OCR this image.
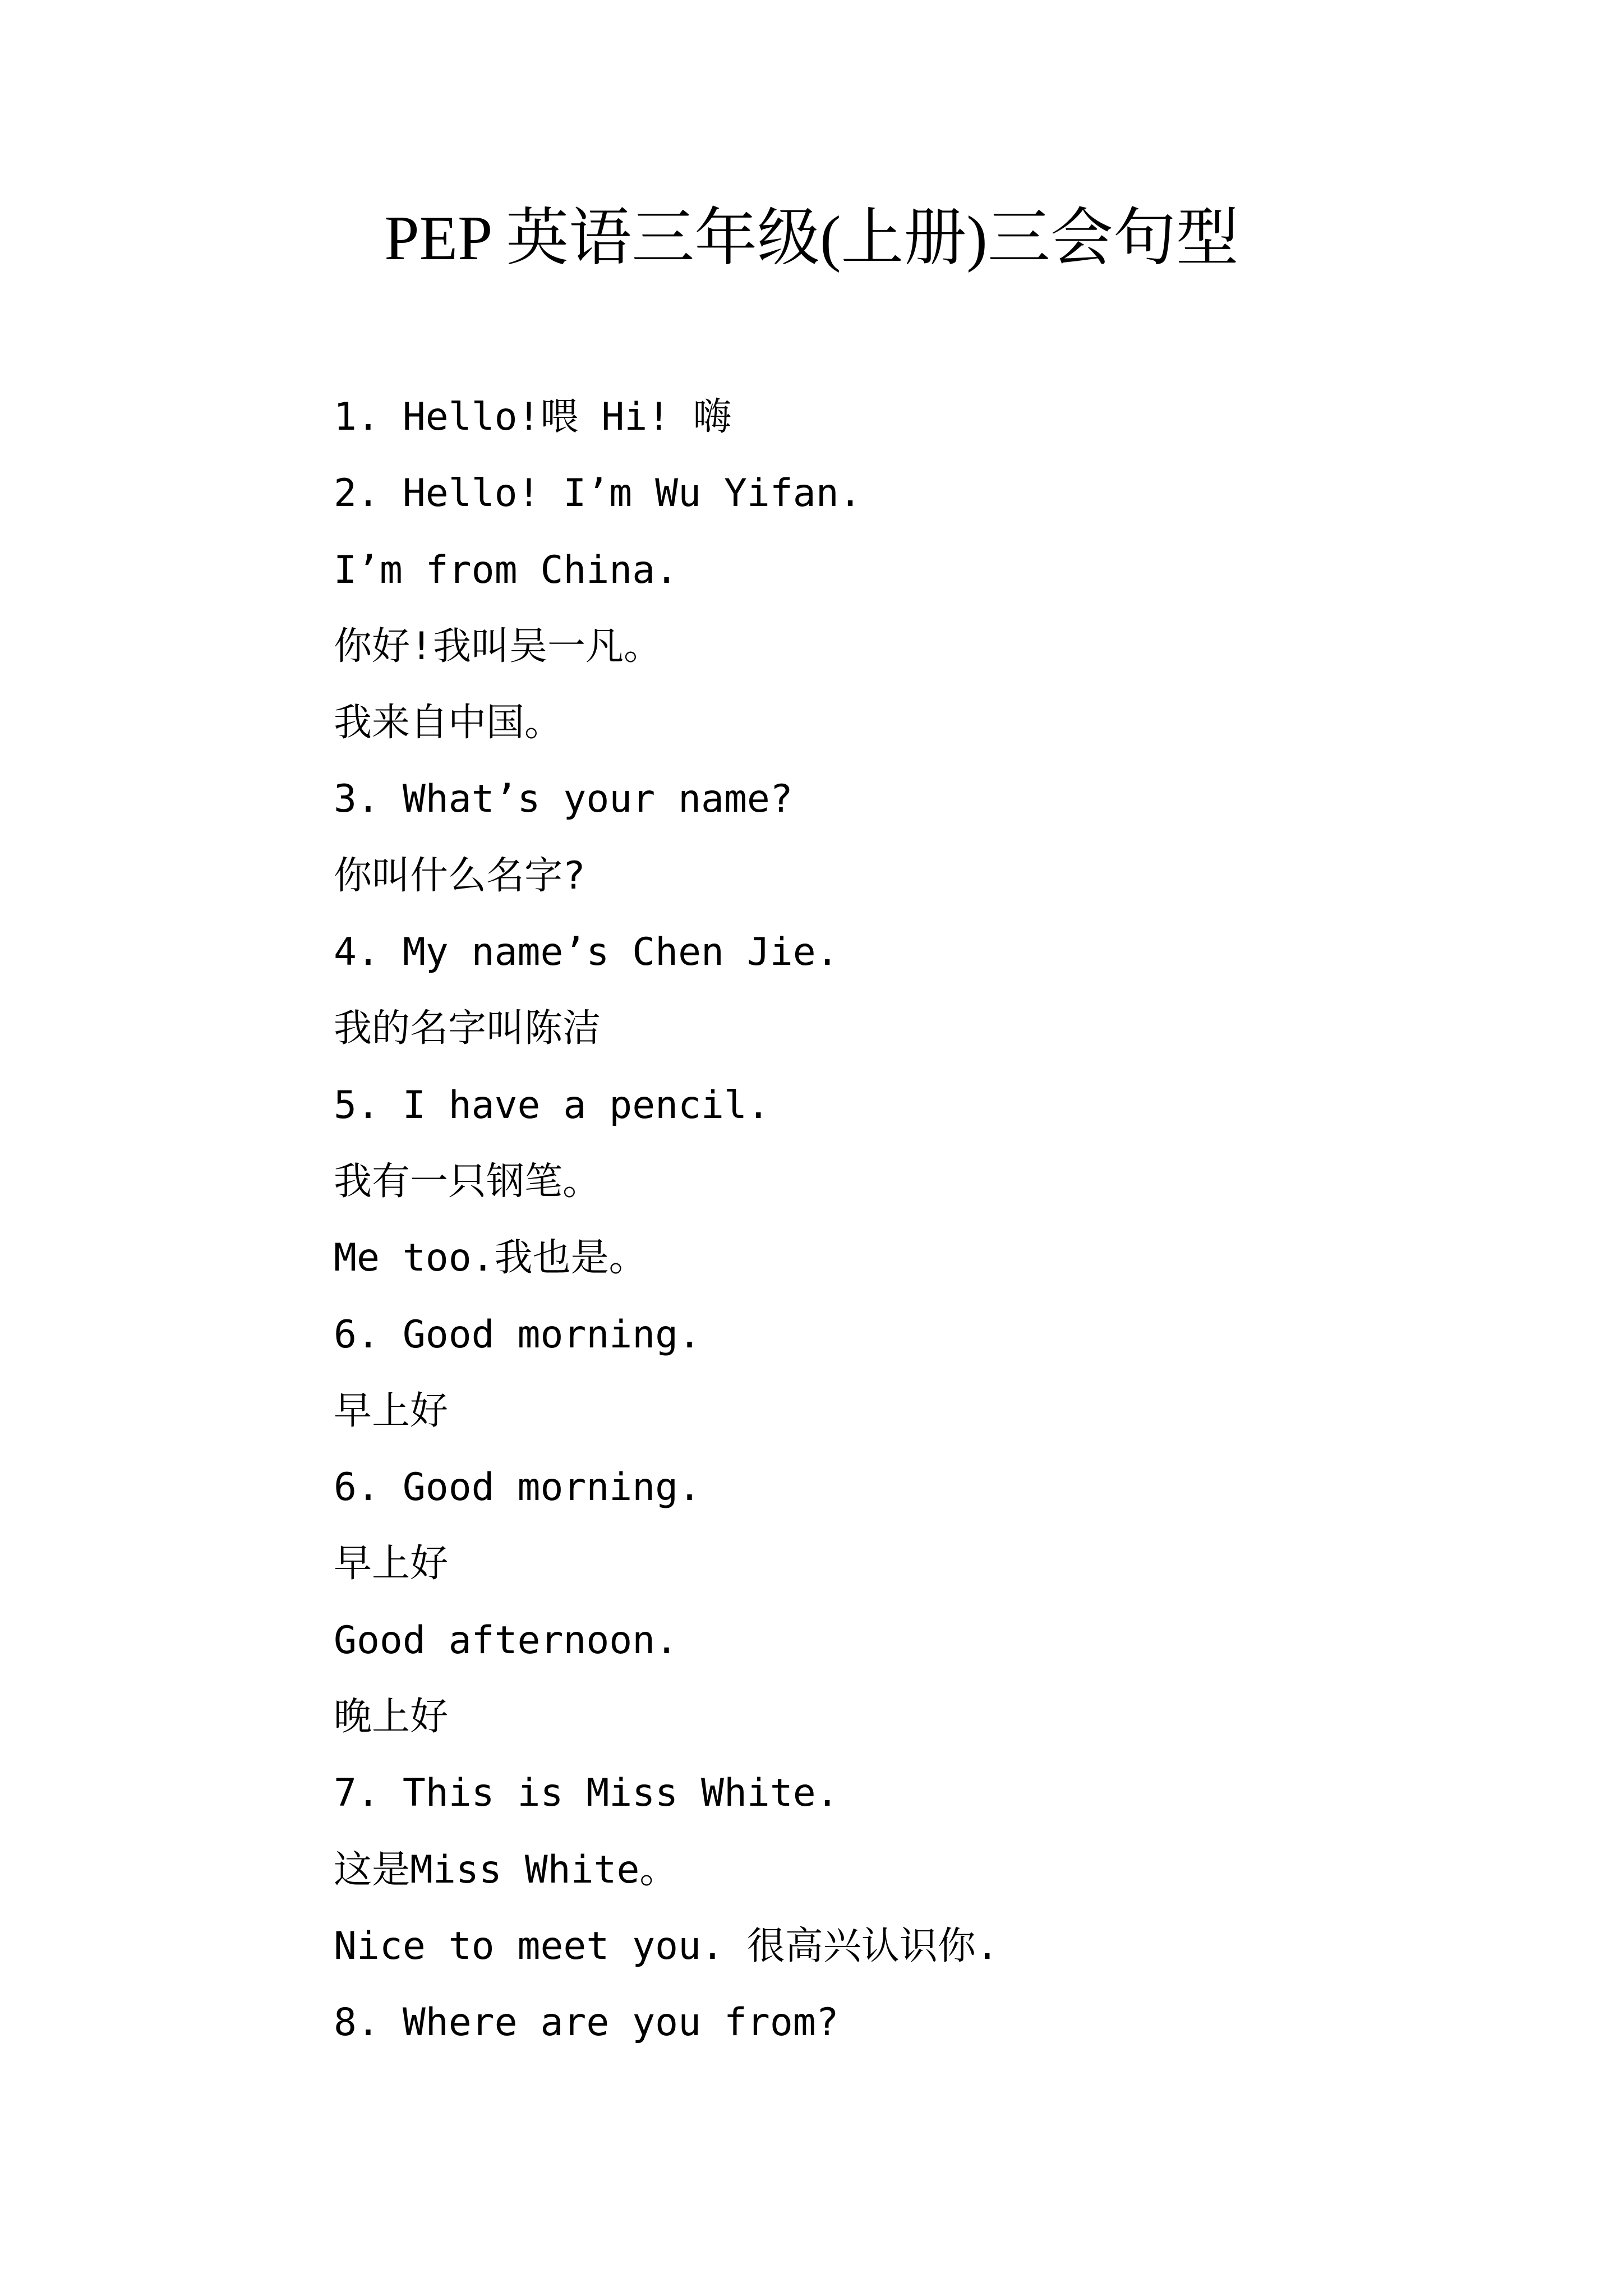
PEP 英语三年级(上册)三会句型
1. Hello!喂 Hi! 嗨
2. Hello! I’m Wu Yifan.
I’m from China.
你好!我叫吴一凡。
我来自中国。
3. What’s your name?
你叫什么名字?
4. My name’s Chen Jie.
我的名字叫陈洁
5. I have a pencil.
我有一只钢笔。
Me too.我也是。
6. Good morning.
早上好
6. Good morning.
早上好
Good afternoon.
晚上好
7. This is Miss White.
这是Miss White。
Nice to meet you. 很高兴认识你.
8. Where are you from?
